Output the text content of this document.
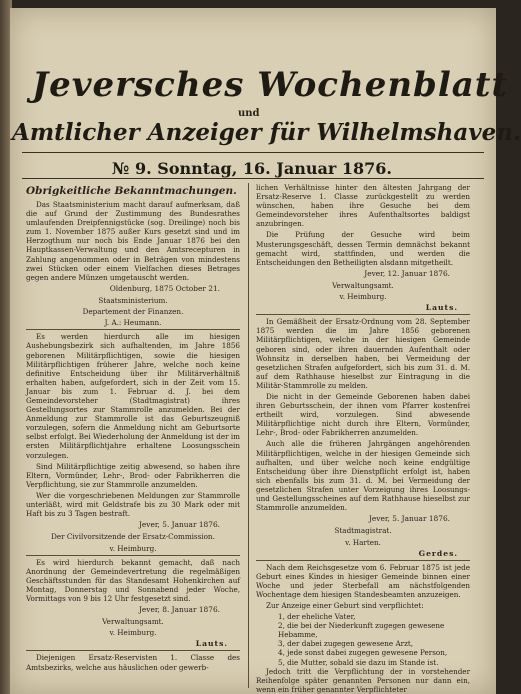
Jeversches Wochenblatt
und
Amtlicher Anzeiger für Wilhelmshaven.
№ 9. Sonntag, 16. Januar 1876.
Obrigkeitliche Bekanntmachungen.
Das Staatsministerium macht darauf aufmerksam, daß die auf Grund der Zustimmung des Bundesrathes umlaufenden Dreipfennigstücke (sog. Dreilinge) noch bis zum 1. November 1875 außer Kurs gesetzt sind und im Herzogthum nur noch bis Ende Januar 1876 bei den Hauptkassen-Verwaltung und den Amtsrecepturen in Zahlung angenommen oder in Beträgen von mindestens zwei Stücken oder einem Vielfachen dieses Betrages gegen andere Münzen umgetauscht werden.
Oldenburg, 1875 October 21.
Staatsministerium.
Departement der Finanzen.
J. A.: Heumann.
Es werden hierdurch alle im hiesigen Aushebungsbezirk sich aufhaltenden, im Jahre 1856 geborenen Militärpflichtigen, sowie die hiesigen Militärpflichtigen früherer Jahre, welche noch keine definitive Entscheidung über ihr Militärverhältniß erhalten haben, aufgefordert, sich in der Zeit vom 15. Januar bis zum 1. Februar d. J. bei dem Gemeindevorsteher (Stadtmagistrat) ihres Gestellungsortes zur Stammrolle anzumelden. Bei der Anmeldung zur Stammrolle ist das Geburtszeugniß vorzulegen, sofern die Anmeldung nicht am Geburtsorte selbst erfolgt. Bei Wiederholung der Anmeldung ist der im ersten Militärpflichtjahre erhaltene Loosungsschein vorzulegen.
Sind Militärpflichtige zeitig abwesend, so haben ihre Eltern, Vormünder, Lehr-, Brod- oder Fabrikherren die Verpflichtung, sie zur Stammrolle anzumelden.
Wer die vorgeschriebenen Meldungen zur Stammrolle unterläßt, wird mit Geldstrafe bis zu 30 Mark oder mit Haft bis zu 3 Tagen bestraft.
Jever, 5. Januar 1876.
Der Civilvorsitzende der Ersatz-Commission.
v. Heimburg.
Es wird hierdurch bekannt gemacht, daß nach Anordnung der Gemeindevertretung die regelmäßigen Geschäftsstunden für das Standesamt Hohenkirchen auf Montag, Donnerstag und Sonnabend jeder Woche, Vormittags von 9 bis 12 Uhr festgesetzt sind.
Jever, 8. Januar 1876.
Verwaltungsamt.
v. Heimburg.
Lauts.
Diejenigen Ersatz-Reservisten 1. Classe des Amtsbezirks, welche aus häuslichen oder gewerb-
lichen Verhältnisse hinter den ältesten Jahrgang der Ersatz-Reserve 1. Classe zurückgestellt zu werden wünschen, haben ihre Gesuche bei dem Gemeindevorsteher ihres Aufenthaltsortes baldigst anzubringen.
Die Prüfung der Gesuche wird beim Musterungsgeschäft, dessen Termin demnächst bekannt gemacht wird, stattfinden, und werden die Entscheidungen den Betheiligten alsdann mitgetheilt.
Jever, 12. Januar 1876.
Verwaltungsamt.
v. Heimburg.
Lauts.
In Gemäßheit der Ersatz-Ordnung vom 28. September 1875 werden die im Jahre 1856 geborenen Militärpflichtigen, welche in der hiesigen Gemeinde geboren sind, oder ihren dauernden Aufenthalt oder Wohnsitz in derselben haben, bei Vermeidung der gesetzlichen Strafen aufgefordert, sich bis zum 31. d. M. auf dem Rathhause hieselbst zur Eintragung in die Militär-Stammrolle zu melden.
Die nicht in der Gemeinde Geborenen haben dabei ihren Geburtsschein, der ihnen vom Pfarrer kostenfrei ertheilt wird, vorzulegen. Sind abwesende Militärpflichtige nicht durch ihre Eltern, Vormünder, Lehr-, Brod- oder Fabrikherren anzumelden.
Auch alle die früheren Jahrgängen angehörenden Militärpflichtigen, welche in der hiesigen Gemeinde sich aufhalten, und über welche noch keine endgültige Entscheidung über ihre Dienstpflicht erfolgt ist, haben sich ebenfalls bis zum 31. d. M. bei Vermeidung der gesetzlichen Strafen unter Vorzeigung ihres Loosungs- und Gestellungsscheines auf dem Rathhause hieselbst zur Stammrolle anzumelden.
Jever, 5. Januar 1876.
Stadtmagistrat.
v. Harten.
Gerdes.
Nach dem Reichsgesetze vom 6. Februar 1875 ist jede Geburt eines Kindes in hiesiger Gemeinde binnen einer Woche und jeder Sterbefall am nächstfolgenden Wochentage dem hiesigen Standesbeamten anzuzeigen.
Zur Anzeige einer Geburt sind verpflichtet:
1, der eheliche Vater,
2, die bei der Niederkunft zugegen gewesene Hebamme,
3, der dabei zugegen gewesene Arzt,
4, jede sonst dabei zugegen gewesene Person,
5, die Mutter, sobald sie dazu im Stande ist.
Jedoch tritt die Verpflichtung der in vorstehender Reihenfolge später genannten Personen nur dann ein, wenn ein früher genannter Verpflichteter
